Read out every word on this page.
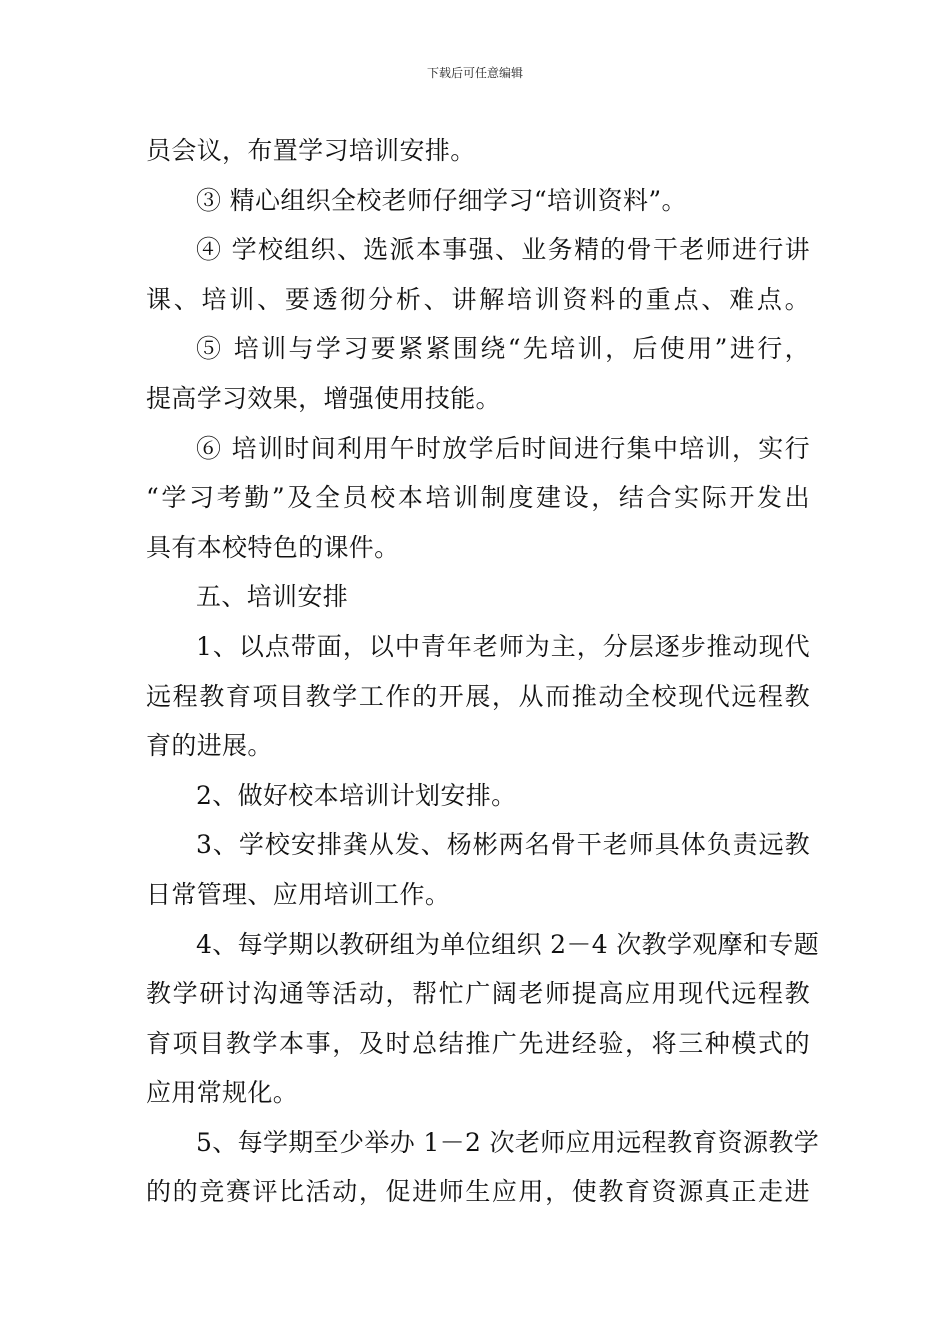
下载后可任意编辑
员会议，布置学习培训安排。
③ 精心组织全校老师仔细学习“培训资料”。
④ 学校组织、选派本事强、业务精的骨干老师进行讲
课、培训、要透彻分析、讲解培训资料的重点、难点。
⑤ 培训与学习要紧紧围绕“先培训，后使用”进行，
提高学习效果，增强使用技能。
⑥ 培训时间利用午时放学后时间进行集中培训，实行
“学习考勤”及全员校本培训制度建设，结合实际开发出
具有本校特色的课件。
五、培训安排
1、以点带面，以中青年老师为主，分层逐步推动现代
远程教育项目教学工作的开展，从而推动全校现代远程教
育的进展。
2、做好校本培训计划安排。
3、学校安排龚从发、杨彬两名骨干老师具体负责远教
日常管理、应用培训工作。
4、每学期以教研组为单位组织 2－4 次教学观摩和专题
教学研讨沟通等活动，帮忙广阔老师提高应用现代远程教
育项目教学本事，及时总结推广先进经验，将三种模式的
应用常规化。
5、每学期至少举办 1－2 次老师应用远程教育资源教学
的的竞赛评比活动，促进师生应用，使教育资源真正走进
